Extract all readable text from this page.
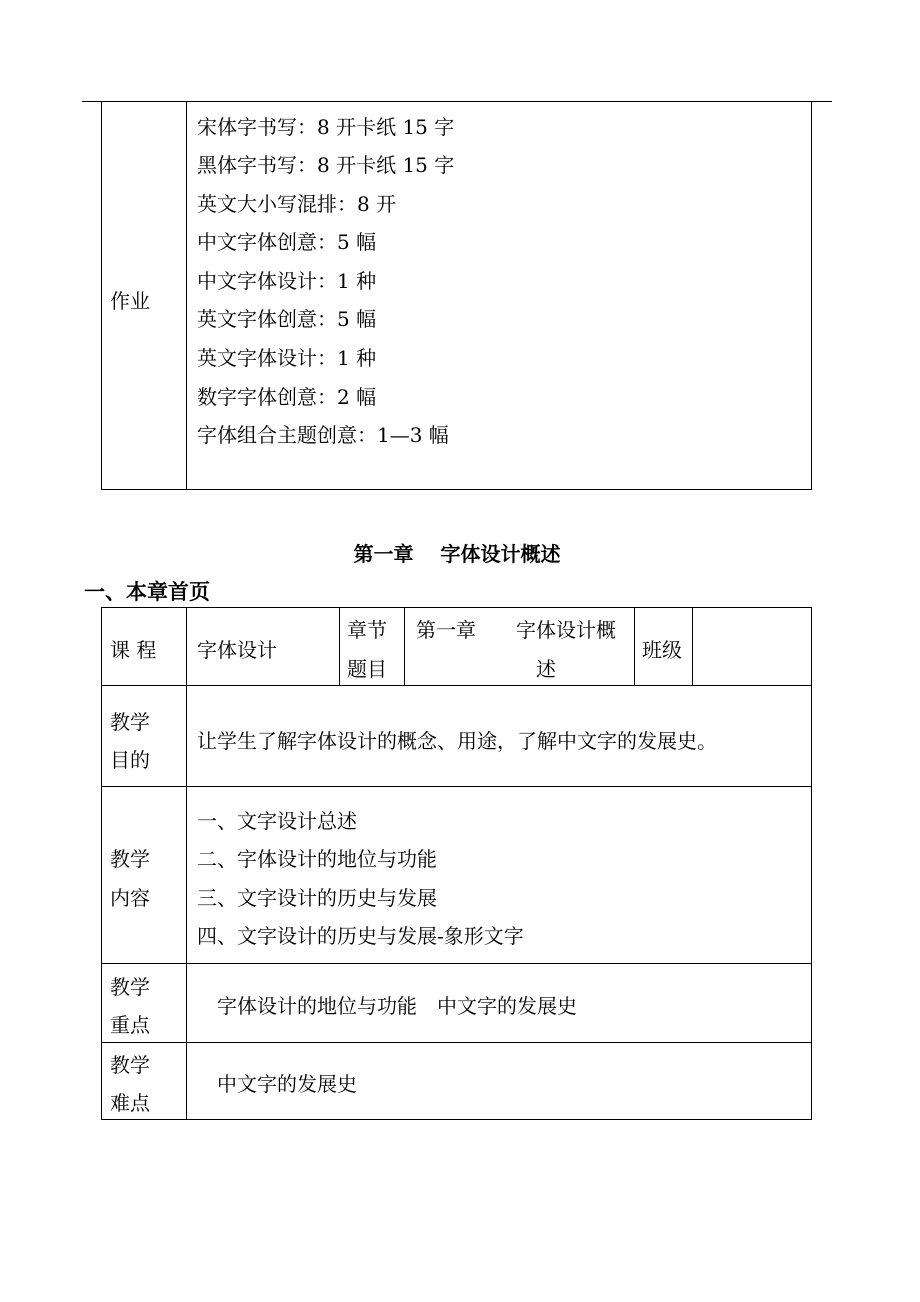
作业
宋体字书写：8 开卡纸 15 字
黑体字书写：8 开卡纸 15 字
英文大小写混排：8 开
中文字体创意：5 幅
中文字体设计：1 种
英文字体创意：5 幅
英文字体设计：1 种
数字字体创意：2 幅
字体组合主题创意：1—3 幅
第一章　 字体设计概述
一、本章首页
课 程 字体设计
章节
题目
第一章　　字体设计概
述
班级
教学
目的
让学生了解字体设计的概念、用途，了解中文字的发展史。
教学
内容
一、文字设计总述
二、字体设计的地位与功能
三、文字设计的历史与发展
四、文字设计的历史与发展-象形文字
教学
重点
字体设计的地位与功能　中文字的发展史
教学
难点
中文字的发展史
